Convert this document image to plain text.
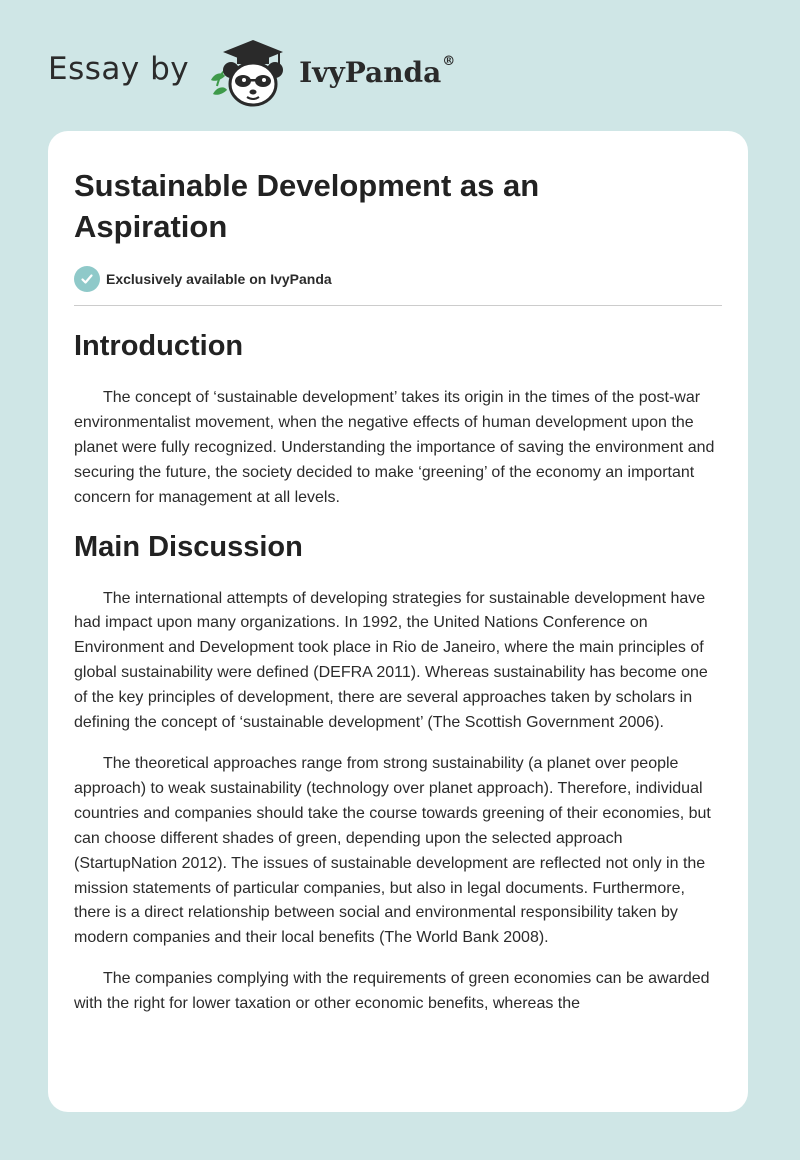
Essay by	IvyPanda®
Sustainable Development as an Aspiration
Exclusively available on IvyPanda
Introduction

The concept of ‘sustainable development’ takes its origin in the times of the post-war environmentalist movement, when the negative effects of human development upon the planet were fully recognized. Understanding the importance of saving the environment and securing the future, the society decided to make ‘greening’ of the economy an important concern for management at all levels.

Main Discussion

The international attempts of developing strategies for sustainable development have had impact upon many organizations. In 1992, the United Nations Conference on Environment and Development took place in Rio de Janeiro, where the main principles of global sustainability were defined (DEFRA 2011). Whereas sustainability has become one of the key principles of development, there are several approaches taken by scholars in defining the concept of ‘sustainable development’ (The Scottish Government 2006).

The theoretical approaches range from strong sustainability (a planet over people approach) to weak sustainability (technology over planet approach). Therefore, individual countries and companies should take the course towards greening of their economies, but can choose different shades of green, depending upon the selected approach (StartupNation 2012). The issues of sustainable development are reflected not only in the mission statements of particular companies, but also in legal documents. Furthermore, there is a direct relationship between social and environmental responsibility taken by modern companies and their local benefits (The World Bank 2008).

The companies complying with the requirements of green economies can be awarded with the right for lower taxation or other economic benefits, whereas the
